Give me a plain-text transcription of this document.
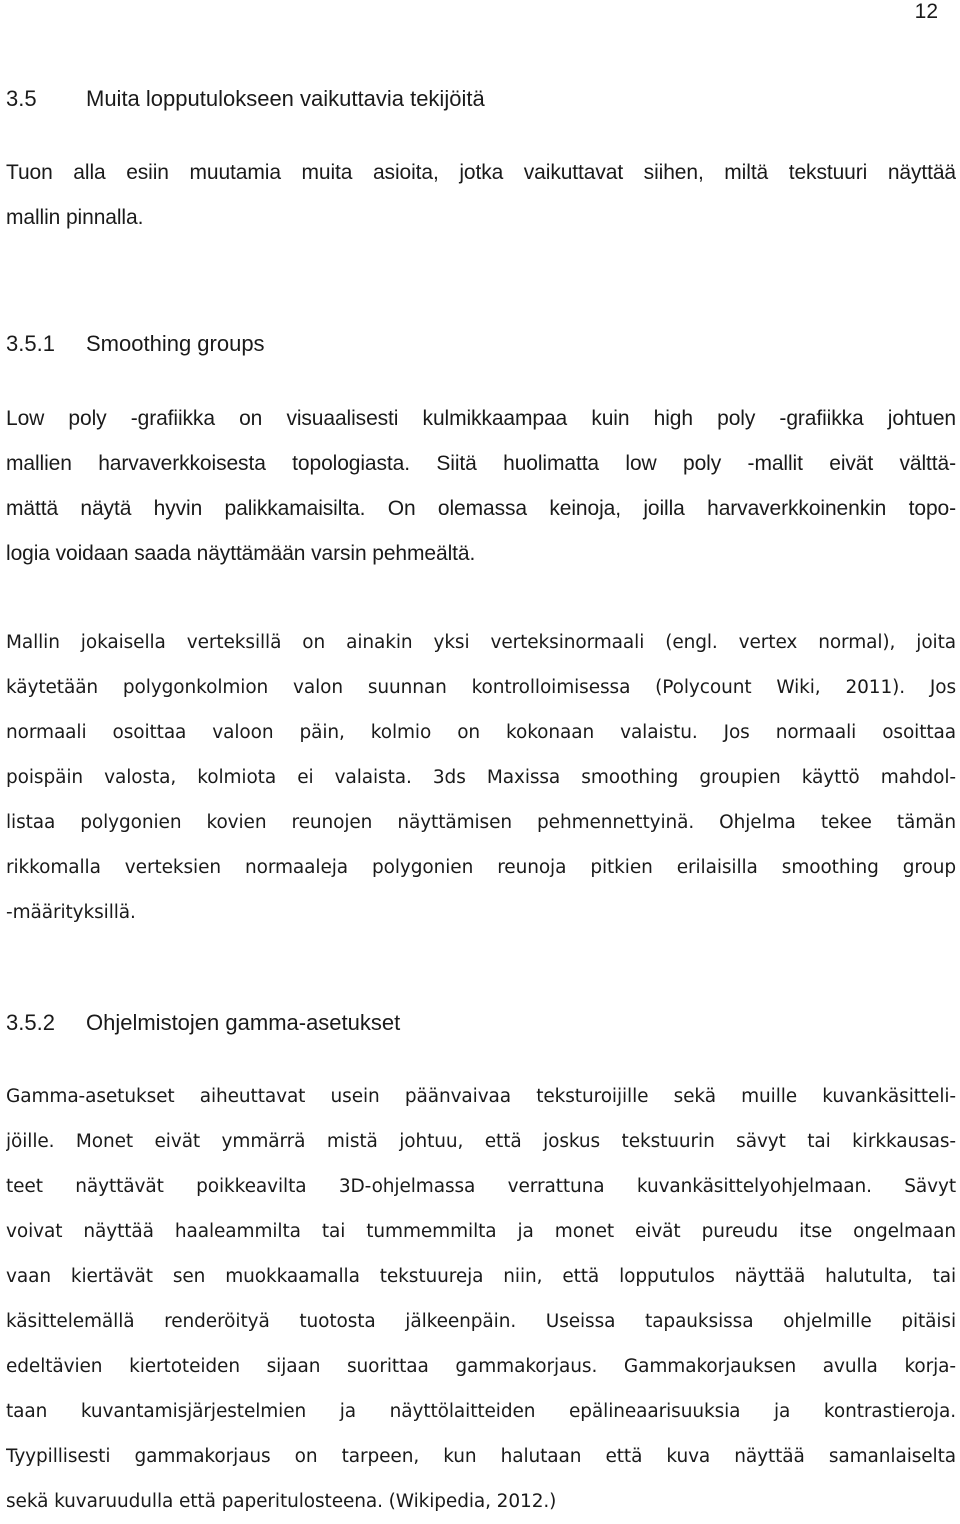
12
3.5 Muita lopputulokseen vaikuttavia tekijöitä
Tuon alla esiin muutamia muita asioita, jotka vaikuttavat siihen, miltä tekstuuri näyttää
mallin pinnalla.
3.5.1 Smoothing groups
Low poly -grafiikka on visuaalisesti kulmikkaampaa kuin high poly -grafiikka johtuen
mallien harvaverkkoisesta topologiasta. Siitä huolimatta low poly -mallit eivät välttä-
mättä näytä hyvin palikkamaisilta. On olemassa keinoja, joilla harvaverkkoinenkin topo-
logia voidaan saada näyttämään varsin pehmeältä.
Mallin jokaisella verteksillä on ainakin yksi verteksinormaali (engl. vertex normal), joita
käytetään polygonkolmion valon suunnan kontrolloimisessa (Polycount Wiki, 2011). Jos
normaali osoittaa valoon päin, kolmio on kokonaan valaistu. Jos normaali osoittaa
poispäin valosta, kolmiota ei valaista. 3ds Maxissa smoothing groupien käyttö mahdol-
listaa polygonien kovien reunojen näyttämisen pehmennettyinä. Ohjelma tekee tämän
rikkomalla verteksien normaaleja polygonien reunoja pitkien erilaisilla smoothing group
-määrityksillä.
3.5.2 Ohjelmistojen gamma-asetukset
Gamma-asetukset aiheuttavat usein päänvaivaa teksturoijille sekä muille kuvankäsitteli-
jöille. Monet eivät ymmärrä mistä johtuu, että joskus tekstuurin sävyt tai kirkkausas-
teet näyttävät poikkeavilta 3D-ohjelmassa verrattuna kuvankäsittelyohjelmaan. Sävyt
voivat näyttää haaleammilta tai tummemmilta ja monet eivät pureudu itse ongelmaan
vaan kiertävät sen muokkaamalla tekstuureja niin, että lopputulos näyttää halutulta, tai
käsittelemällä renderöityä tuotosta jälkeenpäin. Useissa tapauksissa ohjelmille pitäisi
edeltävien kiertoteiden sijaan suorittaa gammakorjaus. Gammakorjauksen avulla korja-
taan kuvantamisjärjestelmien ja näyttölaitteiden epälineaarisuuksia ja kontrastieroja.
Tyypillisesti gammakorjaus on tarpeen, kun halutaan että kuva näyttää samanlaiselta
sekä kuvaruudulla että paperitulosteena. (Wikipedia, 2012.)
